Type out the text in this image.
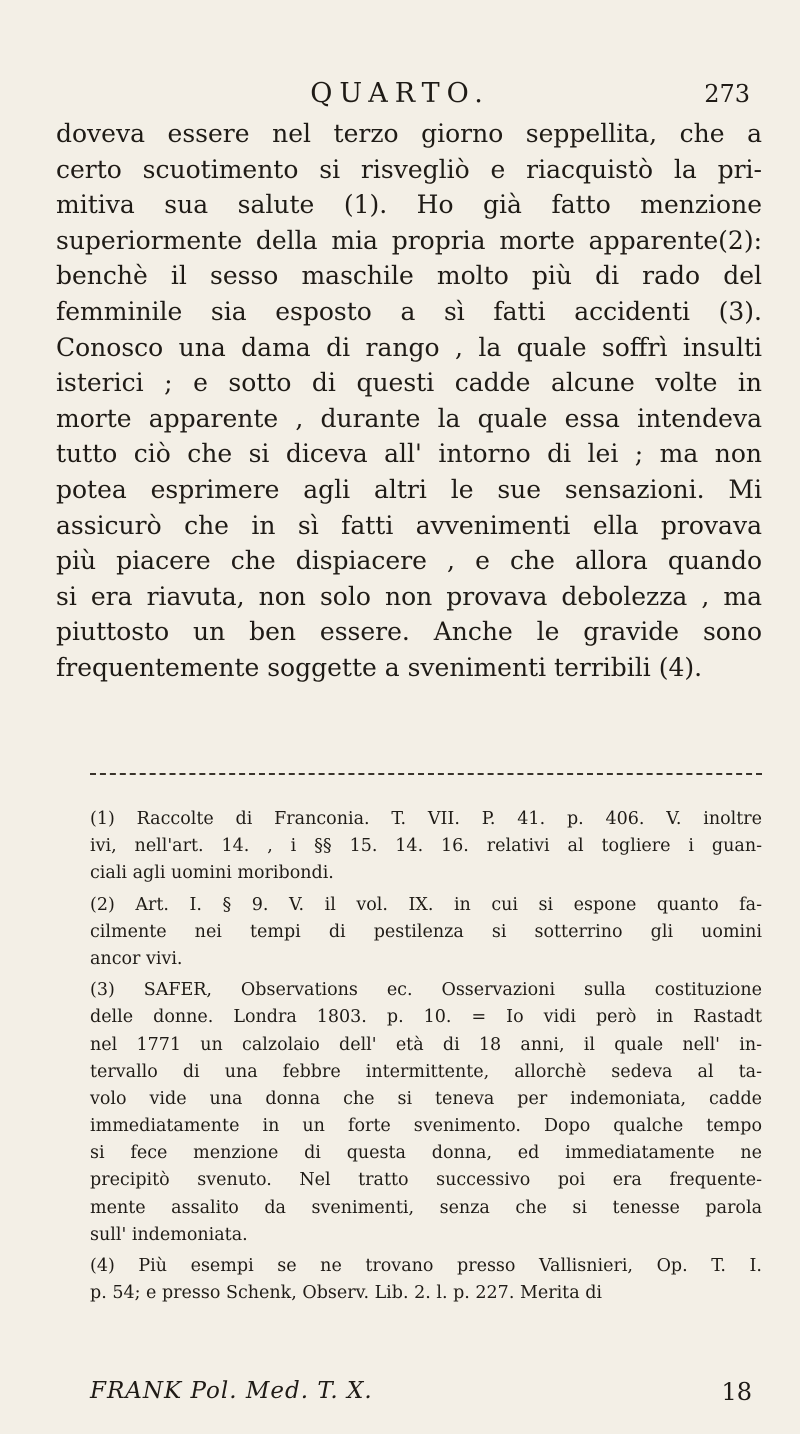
QUARTO.	273
doveva essere nel terzo giorno seppellita, che a
certo scuotimento si risvegliò e riacquistò la pri-
mitiva sua salute (1). Ho già fatto menzione
superiormente della mia propria morte apparente(2):
benchè il sesso maschile molto più di rado del
femminile sia esposto a sì fatti accidenti (3).
Conosco una dama di rango , la quale soffrì insulti
isterici ; e sotto di questi cadde alcune volte in
morte apparente , durante la quale essa intendeva
tutto ciò che si diceva all' intorno di lei ; ma non
potea esprimere agli altri le sue sensazioni. Mi
assicurò che in sì fatti avvenimenti ella provava
più piacere che dispiacere , e che allora quando
si era riavuta, non solo non provava debolezza , ma
piuttosto un ben essere. Anche le gravide sono
frequentemente soggette a svenimenti terribili (4).
(1) Raccolte di Franconia. T. VII. P. 41. p. 406. V. inoltre
ivi, nell'art. 14. , i §§ 15. 14. 16. relativi al togliere i guan-
ciali agli uomini moribondi.
(2) Art. I. § 9. V. il vol. IX. in cui si espone quanto fa-
cilmente nei tempi di pestilenza si sotterrino gli uomini
ancor vivi.
(3) SAFER, Observations ec. Osservazioni sulla costituzione
delle donne. Londra 1803. p. 10. = Io vidi però in Rastadt
nel 1771 un calzolaio dell' età di 18 anni, il quale nell' in-
tervallo di una febbre intermittente, allorchè sedeva al ta-
volo vide una donna che si teneva per indemoniata, cadde
immediatamente in un forte svenimento. Dopo qualche tempo
si fece menzione di questa donna, ed immediatamente ne
precipitò svenuto. Nel tratto successivo poi era frequente-
mente assalito da svenimenti, senza che si tenesse parola
sull' indemoniata.
(4) Più esempi se ne trovano presso Vallisnieri, Op. T. I.
p. 54; e presso Schenk, Observ. Lib. 2. l. p. 227. Merita di
FRANK Pol. Med. T. X.	18
